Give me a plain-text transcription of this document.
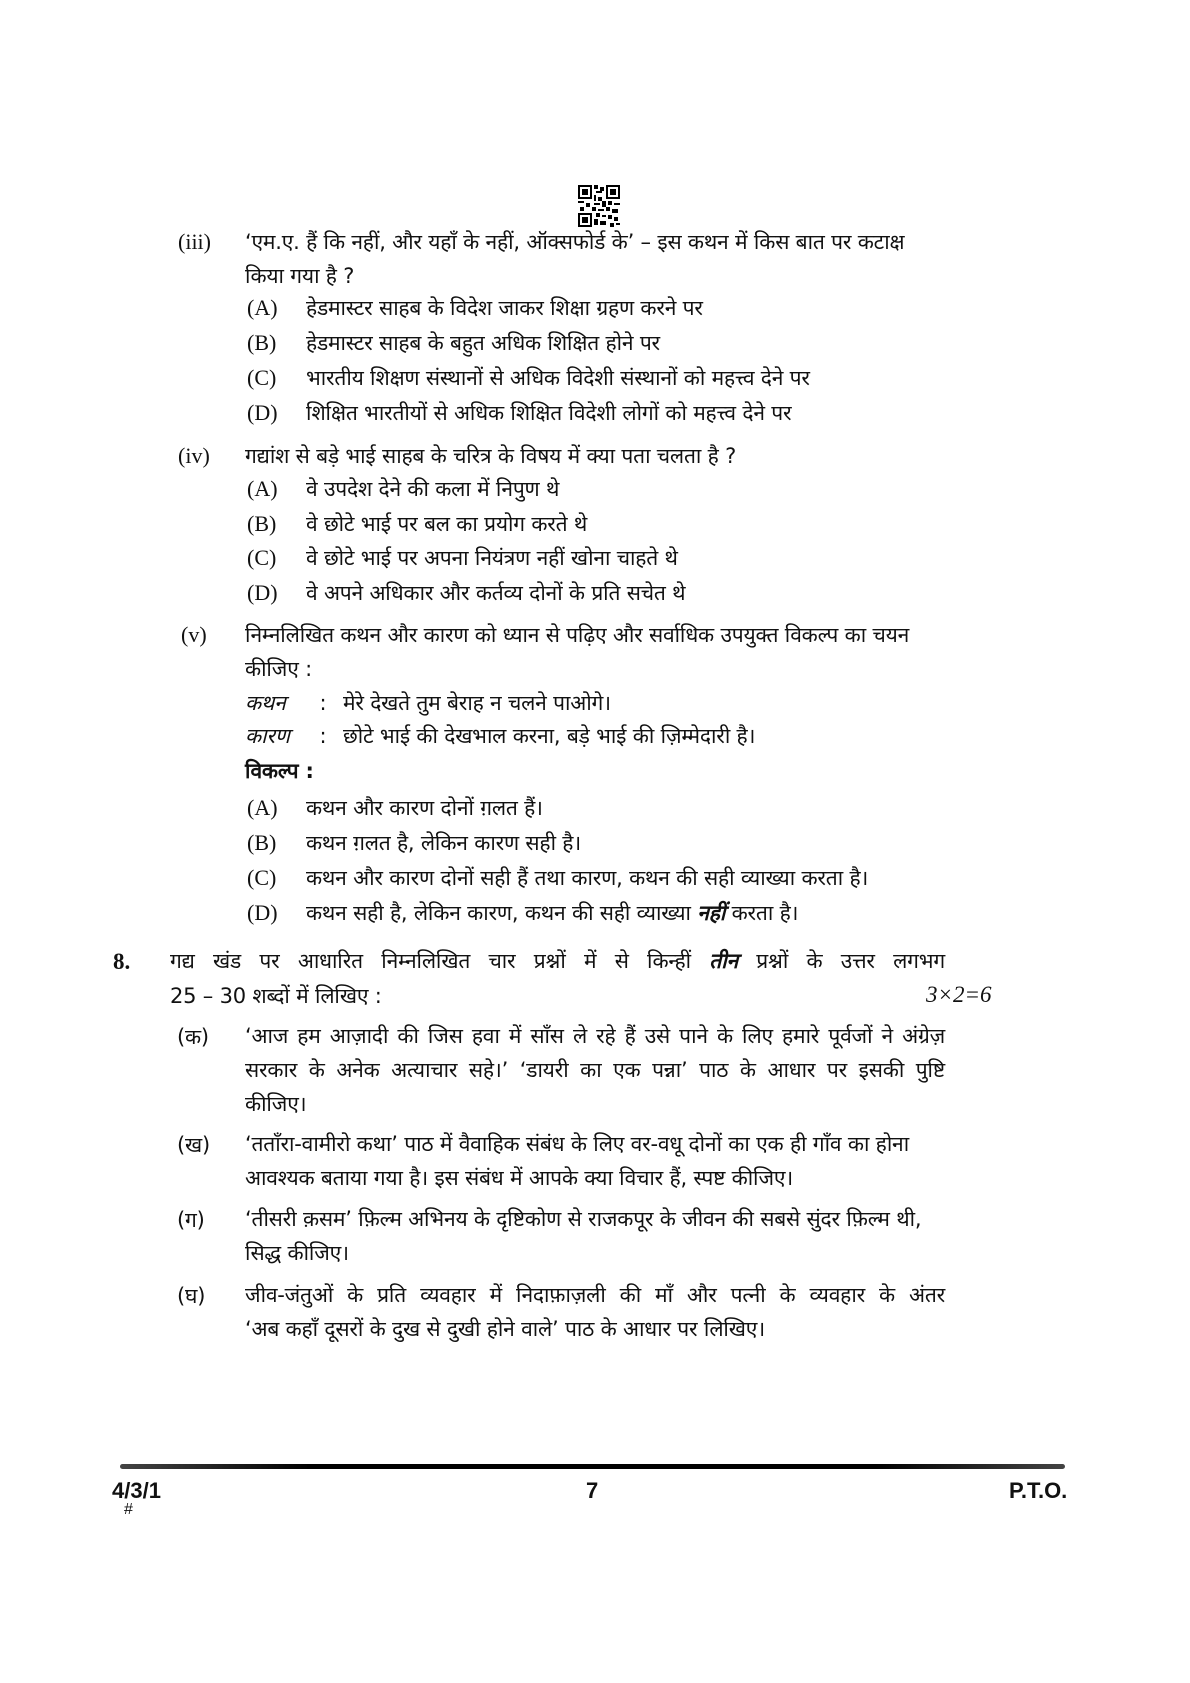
(iii) ‘एम.ए. हैं कि नहीं, और यहाँ के नहीं, ऑक्सफोर्ड के’ – इस कथन में किस बात पर कटाक्ष
किया गया है ?
(A) हेडमास्टर साहब के विदेश जाकर शिक्षा ग्रहण करने पर
(B) हेडमास्टर साहब के बहुत अधिक शिक्षित होने पर
(C) भारतीय शिक्षण संस्थानों से अधिक विदेशी संस्थानों को महत्त्व देने पर
(D) शिक्षित भारतीयों से अधिक शिक्षित विदेशी लोगों को महत्त्व देने पर
(iv) गद्यांश से बड़े भाई साहब के चरित्र के विषय में क्या पता चलता है ?
(A) वे उपदेश देने की कला में निपुण थे
(B) वे छोटे भाई पर बल का प्रयोग करते थे
(C) वे छोटे भाई पर अपना नियंत्रण नहीं खोना चाहते थे
(D) वे अपने अधिकार और कर्तव्य दोनों के प्रति सचेत थे
(v) निम्नलिखित कथन और कारण को ध्यान से पढ़िए और सर्वाधिक उपयुक्त विकल्प का चयन
कीजिए :
कथन : मेरे देखते तुम बेराह न चलने पाओगे।
कारण : छोटे भाई की देखभाल करना, बड़े भाई की ज़िम्मेदारी है।
विकल्प :
(A) कथन और कारण दोनों ग़लत हैं।
(B) कथन ग़लत है, लेकिन कारण सही है।
(C) कथन और कारण दोनों सही हैं तथा कारण, कथन की सही व्याख्या करता है।
(D) कथन सही है, लेकिन कारण, कथन की सही व्याख्या नहीं करता है।
8. गद्य खंड पर आधारित निम्नलिखित चार प्रश्नों में से किन्हीं तीन प्रश्नों के उत्तर लगभग
25 – 30 शब्दों में लिखिए :	3×2=6
(क) ‘आज हम आज़ादी की जिस हवा में साँस ले रहे हैं उसे पाने के लिए हमारे पूर्वजों ने अंग्रेज़
सरकार के अनेक अत्याचार सहे।’ ‘डायरी का एक पन्ना’ पाठ के आधार पर इसकी पुष्टि
कीजिए।
(ख) ‘तताँरा-वामीरो कथा’ पाठ में वैवाहिक संबंध के लिए वर-वधू दोनों का एक ही गाँव का होना
आवश्यक बताया गया है। इस संबंध में आपके क्या विचार हैं, स्पष्ट कीजिए।
(ग) ‘तीसरी क़सम’ फ़िल्म अभिनय के दृष्टिकोण से राजकपूर के जीवन की सबसे सुंदर फ़िल्म थी,
सिद्ध कीजिए।
(घ) जीव-जंतुओं के प्रति व्यवहार में निदाफ़ाज़ली की माँ और पत्नी के व्यवहार के अंतर
‘अब कहाँ दूसरों के दुख से दुखी होने वाले’ पाठ के आधार पर लिखिए।
4/3/1
#
7	P.T.O.
